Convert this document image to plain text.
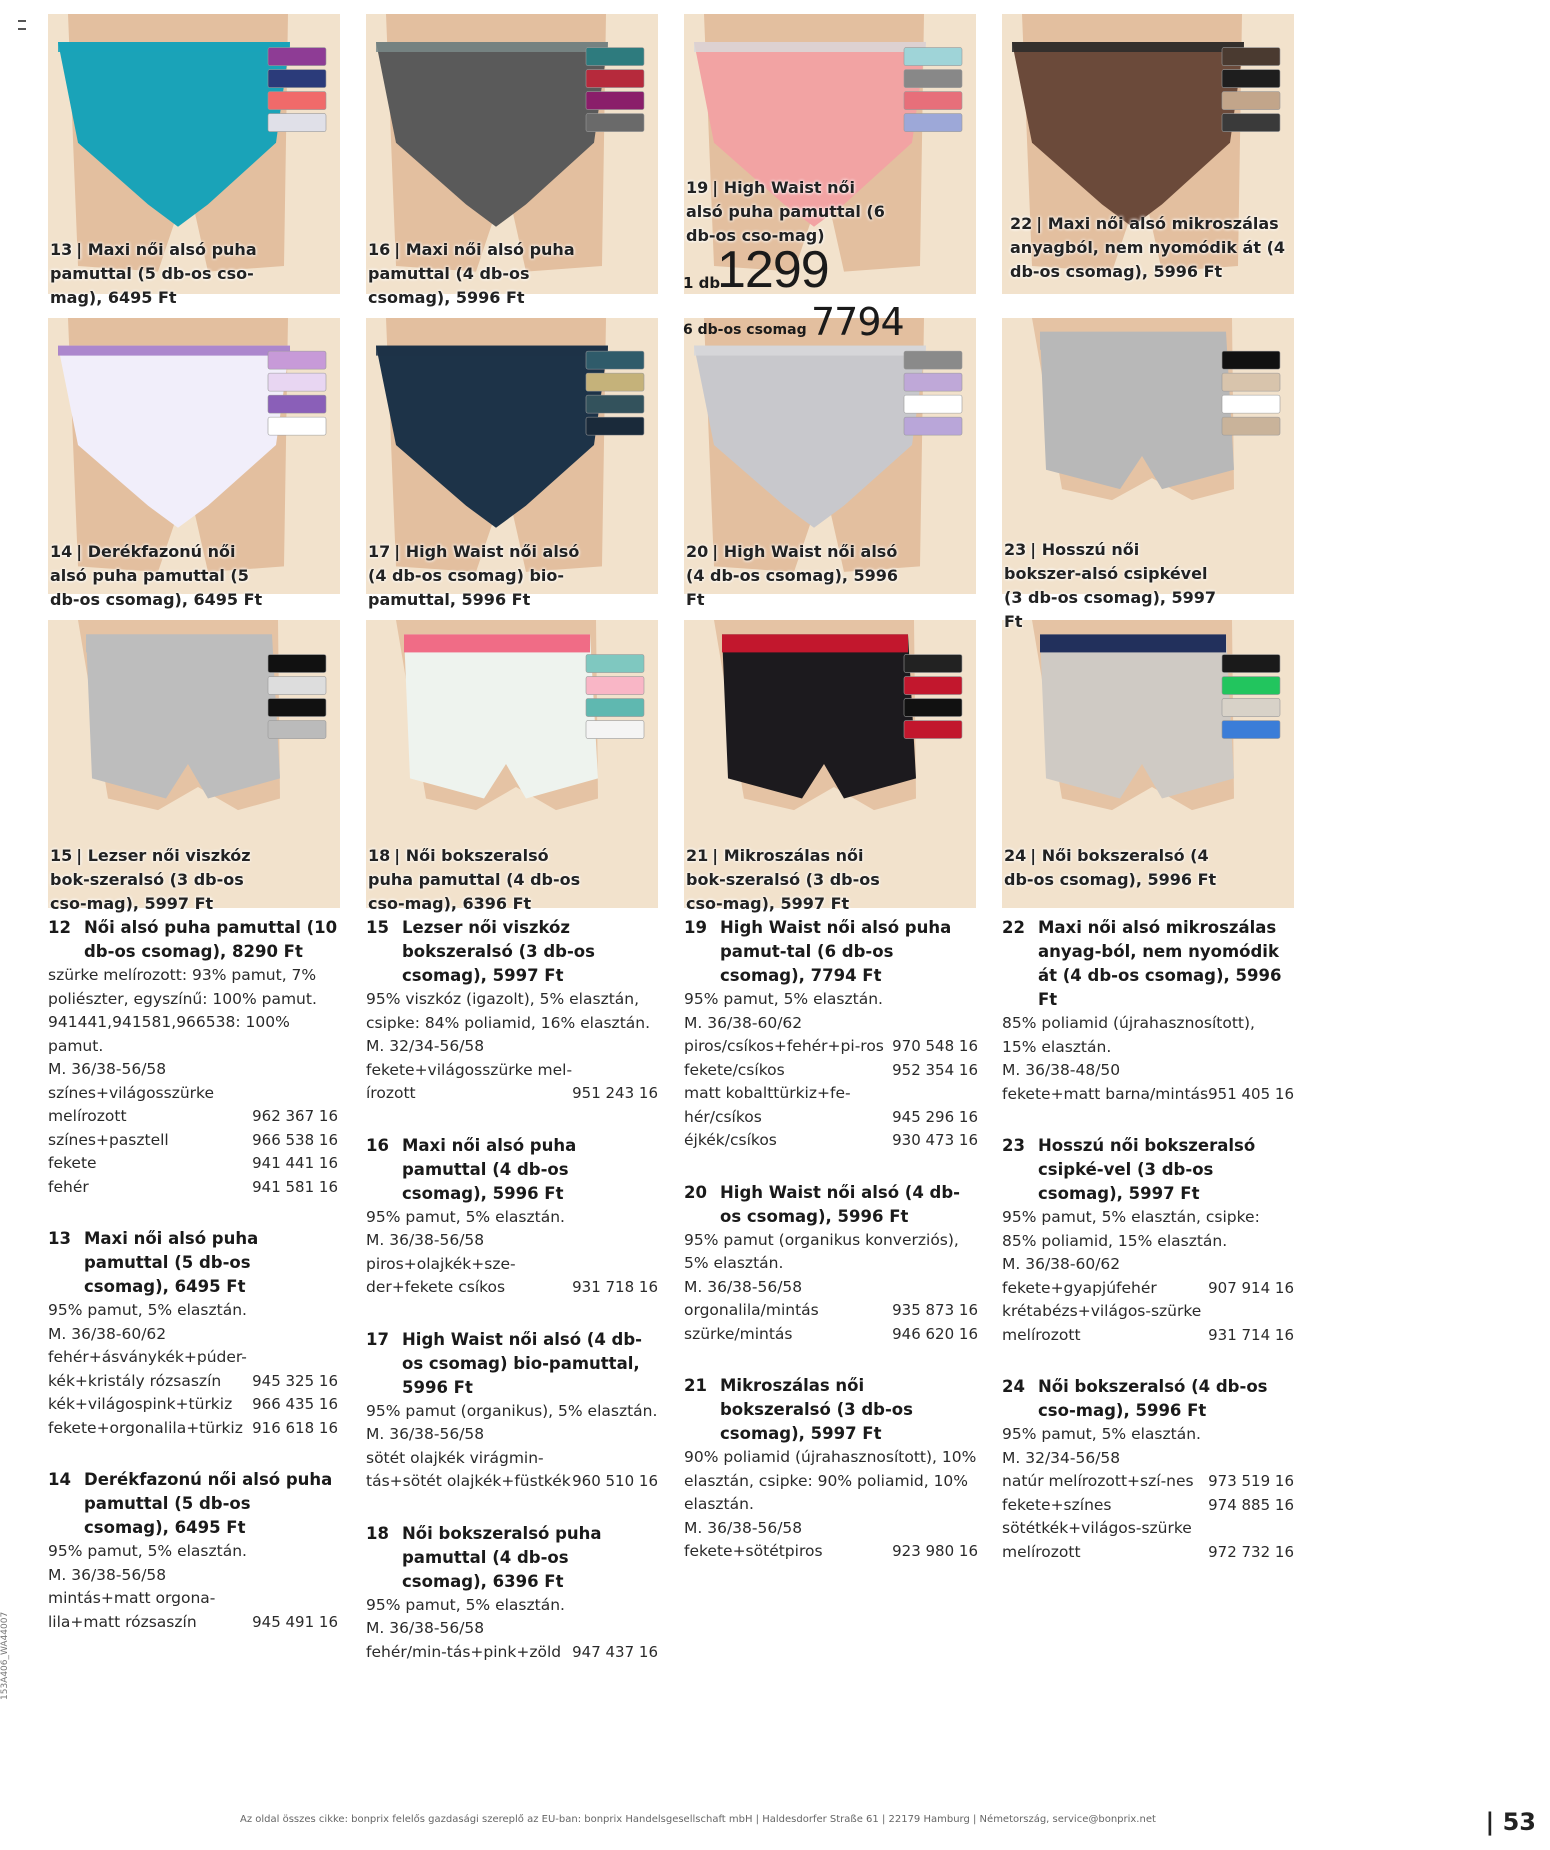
1 db
1299
6 db-os csomag 7794
12 Női alsó puha pamuttal (10 db-os csomag), 8290 Ft
szürke melírozott: 93% pamut, 7% poliészter, egyszínű: 100% pamut. 941441,941581,966538: 100% pamut.
M. 36/38-56/58
színes+világosszürke melírozott	962 367 16
színes+pasztell	966 538 16
fekete	941 441 16
fehér	941 581 16
13 Maxi női alsó puha pamuttal (5 db-os csomag), 6495 Ft
95% pamut, 5% elasztán.
M. 36/38-60/62
fehér+ásványkék+púder-kék+kristály rózsaszín	945 325 16
kék+világospink+türkiz	966 435 16
fekete+orgonalila+türkiz 916 618 16
14 Derékfazonú női alsó puha pamuttal (5 db-os csomag), 6495 Ft
95% pamut, 5% elasztán.
M. 36/38-56/58
mintás+matt orgona-lila+matt rózsaszín	945 491 16
15 Lezser női viszkóz bokszeralsó (3 db-os csomag), 5997 Ft
95% viszkóz (igazolt), 5% elasztán, csipke: 84% poliamid, 16% elasztán.
M. 32/34-56/58
fekete+világosszürke mel-írozott	951 243 16
16 Maxi női alsó puha pamuttal (4 db-os csomag), 5996 Ft
95% pamut, 5% elasztán.
M. 36/38-56/58
piros+olajkék+sze-der+fekete csíkos	931 718 16
17 High Waist női alsó (4 db-os csomag) bio-pamuttal, 5996 Ft
95% pamut (organikus), 5% elasztán.
M. 36/38-56/58
sötét olajkék virágmin-tás+sötét olajkék+füstkék 960 510 16
18 Női bokszeralsó puha pamuttal (4 db-os csomag), 6396 Ft
95% pamut, 5% elasztán.
M. 36/38-56/58
fehér/min-tás+pink+zöld 947 437 16
19 High Waist női alsó puha pamut-tal (6 db-os csomag), 7794 Ft
95% pamut, 5% elasztán.
M. 36/38-60/62
piros/csíkos+fehér+pi-ros 970 548 16
fekete/csíkos	952 354 16
matt kobalttürkiz+fe-hér/csíkos	945 296 16
éjkék/csíkos	930 473 16
20 High Waist női alsó (4 db-os csomag), 5996 Ft
95% pamut (organikus konverziós), 5% elasztán.
M. 36/38-56/58
orgonalila/mintás	935 873 16
szürke/mintás	946 620 16
21 Mikroszálas női bokszeralsó (3 db-os csomag), 5997 Ft
90% poliamid (újrahasznosított), 10% elasztán, csipke: 90% poliamid, 10% elasztán.
M. 36/38-56/58
fekete+sötétpiros	923 980 16
22 Maxi női alsó mikroszálas anyag-ból, nem nyomódik át (4 db-os csomag), 5996 Ft
85% poliamid (újrahasznosított), 15% elasztán.
M. 36/38-48/50
fekete+matt barna/mintás 951 405 16
23 Hosszú női bokszeralsó csipké-vel (3 db-os csomag), 5997 Ft
95% pamut, 5% elasztán, csipke: 85% poliamid, 15% elasztán.
M. 36/38-60/62
fekete+gyapjúfehér	907 914 16
krétabézs+világos-szürke melírozott	931 714 16
24 Női bokszeralsó (4 db-os cso-mag), 5996 Ft
95% pamut, 5% elasztán.
M. 32/34-56/58
natúr melírozott+szí-nes 973 519 16
fekete+színes	974 885 16
sötétkék+világos-szürke melírozott	972 732 16
Az oldal összes cikke: bonprix felelős gazdasági szereplő az EU-ban: bonprix Handelsgesellschaft mbH | Haldesdorfer Straße 61 | 22179 Hamburg | Németország, service@bonprix.net	| 53
153A406_WA44007
13 | Maxi női alsó puha pamuttal (5 db-os cso-mag), 6495 Ft
16 | Maxi női alsó puha pamuttal (4 db-os csomag), 5996 Ft
19 | High Waist női alsó puha pamuttal (6 db-os cso-mag)
22 | Maxi női alsó mikroszálas anyagból, nem nyomódik át (4 db-os csomag), 5996 Ft
14 | Derékfazonú női alsó puha pamuttal (5 db-os csomag), 6495 Ft
17 | High Waist női alsó (4 db-os csomag) bio-pamuttal, 5996 Ft
20 | High Waist női alsó (4 db-os csomag), 5996 Ft
23 | Hosszú női bokszer-alsó csipkével (3 db-os csomag), 5997 Ft
15 | Lezser női viszkóz bok-szeralsó (3 db-os cso-mag), 5997 Ft
18 | Női bokszeralsó puha pamuttal (4 db-os cso-mag), 6396 Ft
21 | Mikroszálas női bok-szeralsó (3 db-os cso-mag), 5997 Ft
24 | Női bokszeralsó (4 db-os csomag), 5996 Ft
